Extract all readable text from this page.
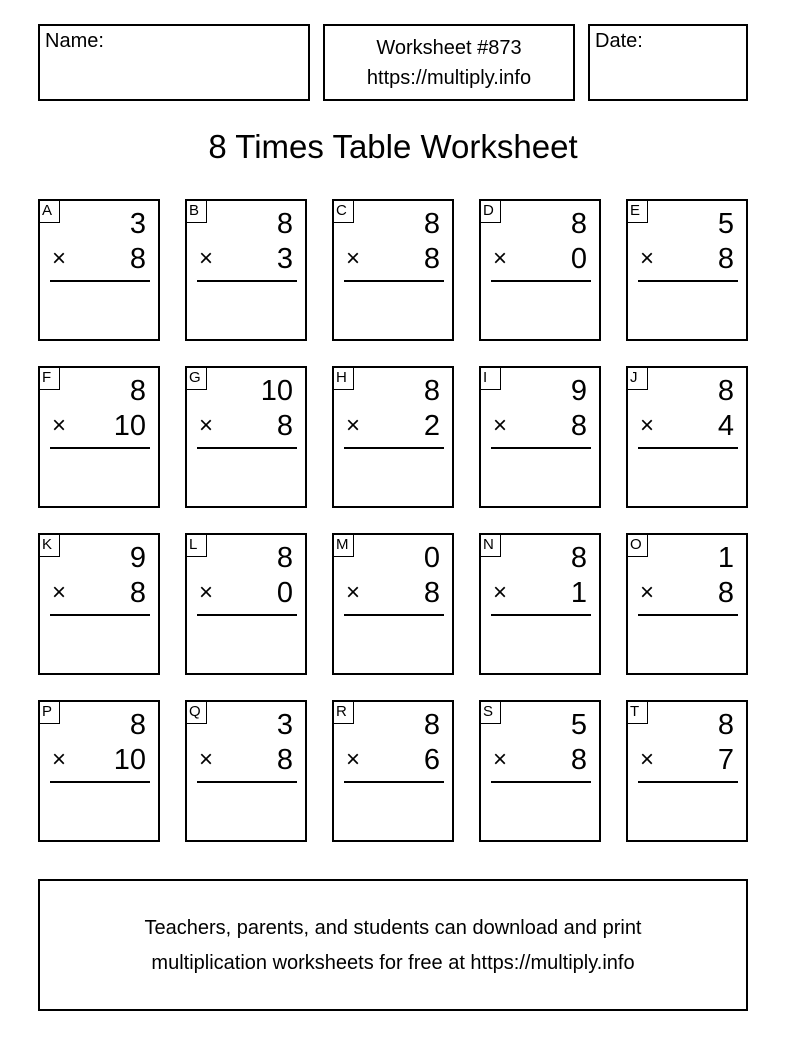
Name:	Worksheet #873
https://multiply.info
Date:
8 Times Table Worksheet
A	3
× 8
B	8
× 3
C	8
× 8
D	8
× 0
E	5
× 8
F	8
× 10
G 10
× 8
H	8
× 2
I	9
× 8
J	8
× 4
K	9
× 8
L	8
× 0
M	0
× 8
N	8
× 1
O	1
× 8
P	8
× 10
Q	3
× 8
R	8
× 6
S	5
× 8
T	8
× 7
Teachers, parents, and students can download and print
multiplication worksheets for free at https://multiply.info
